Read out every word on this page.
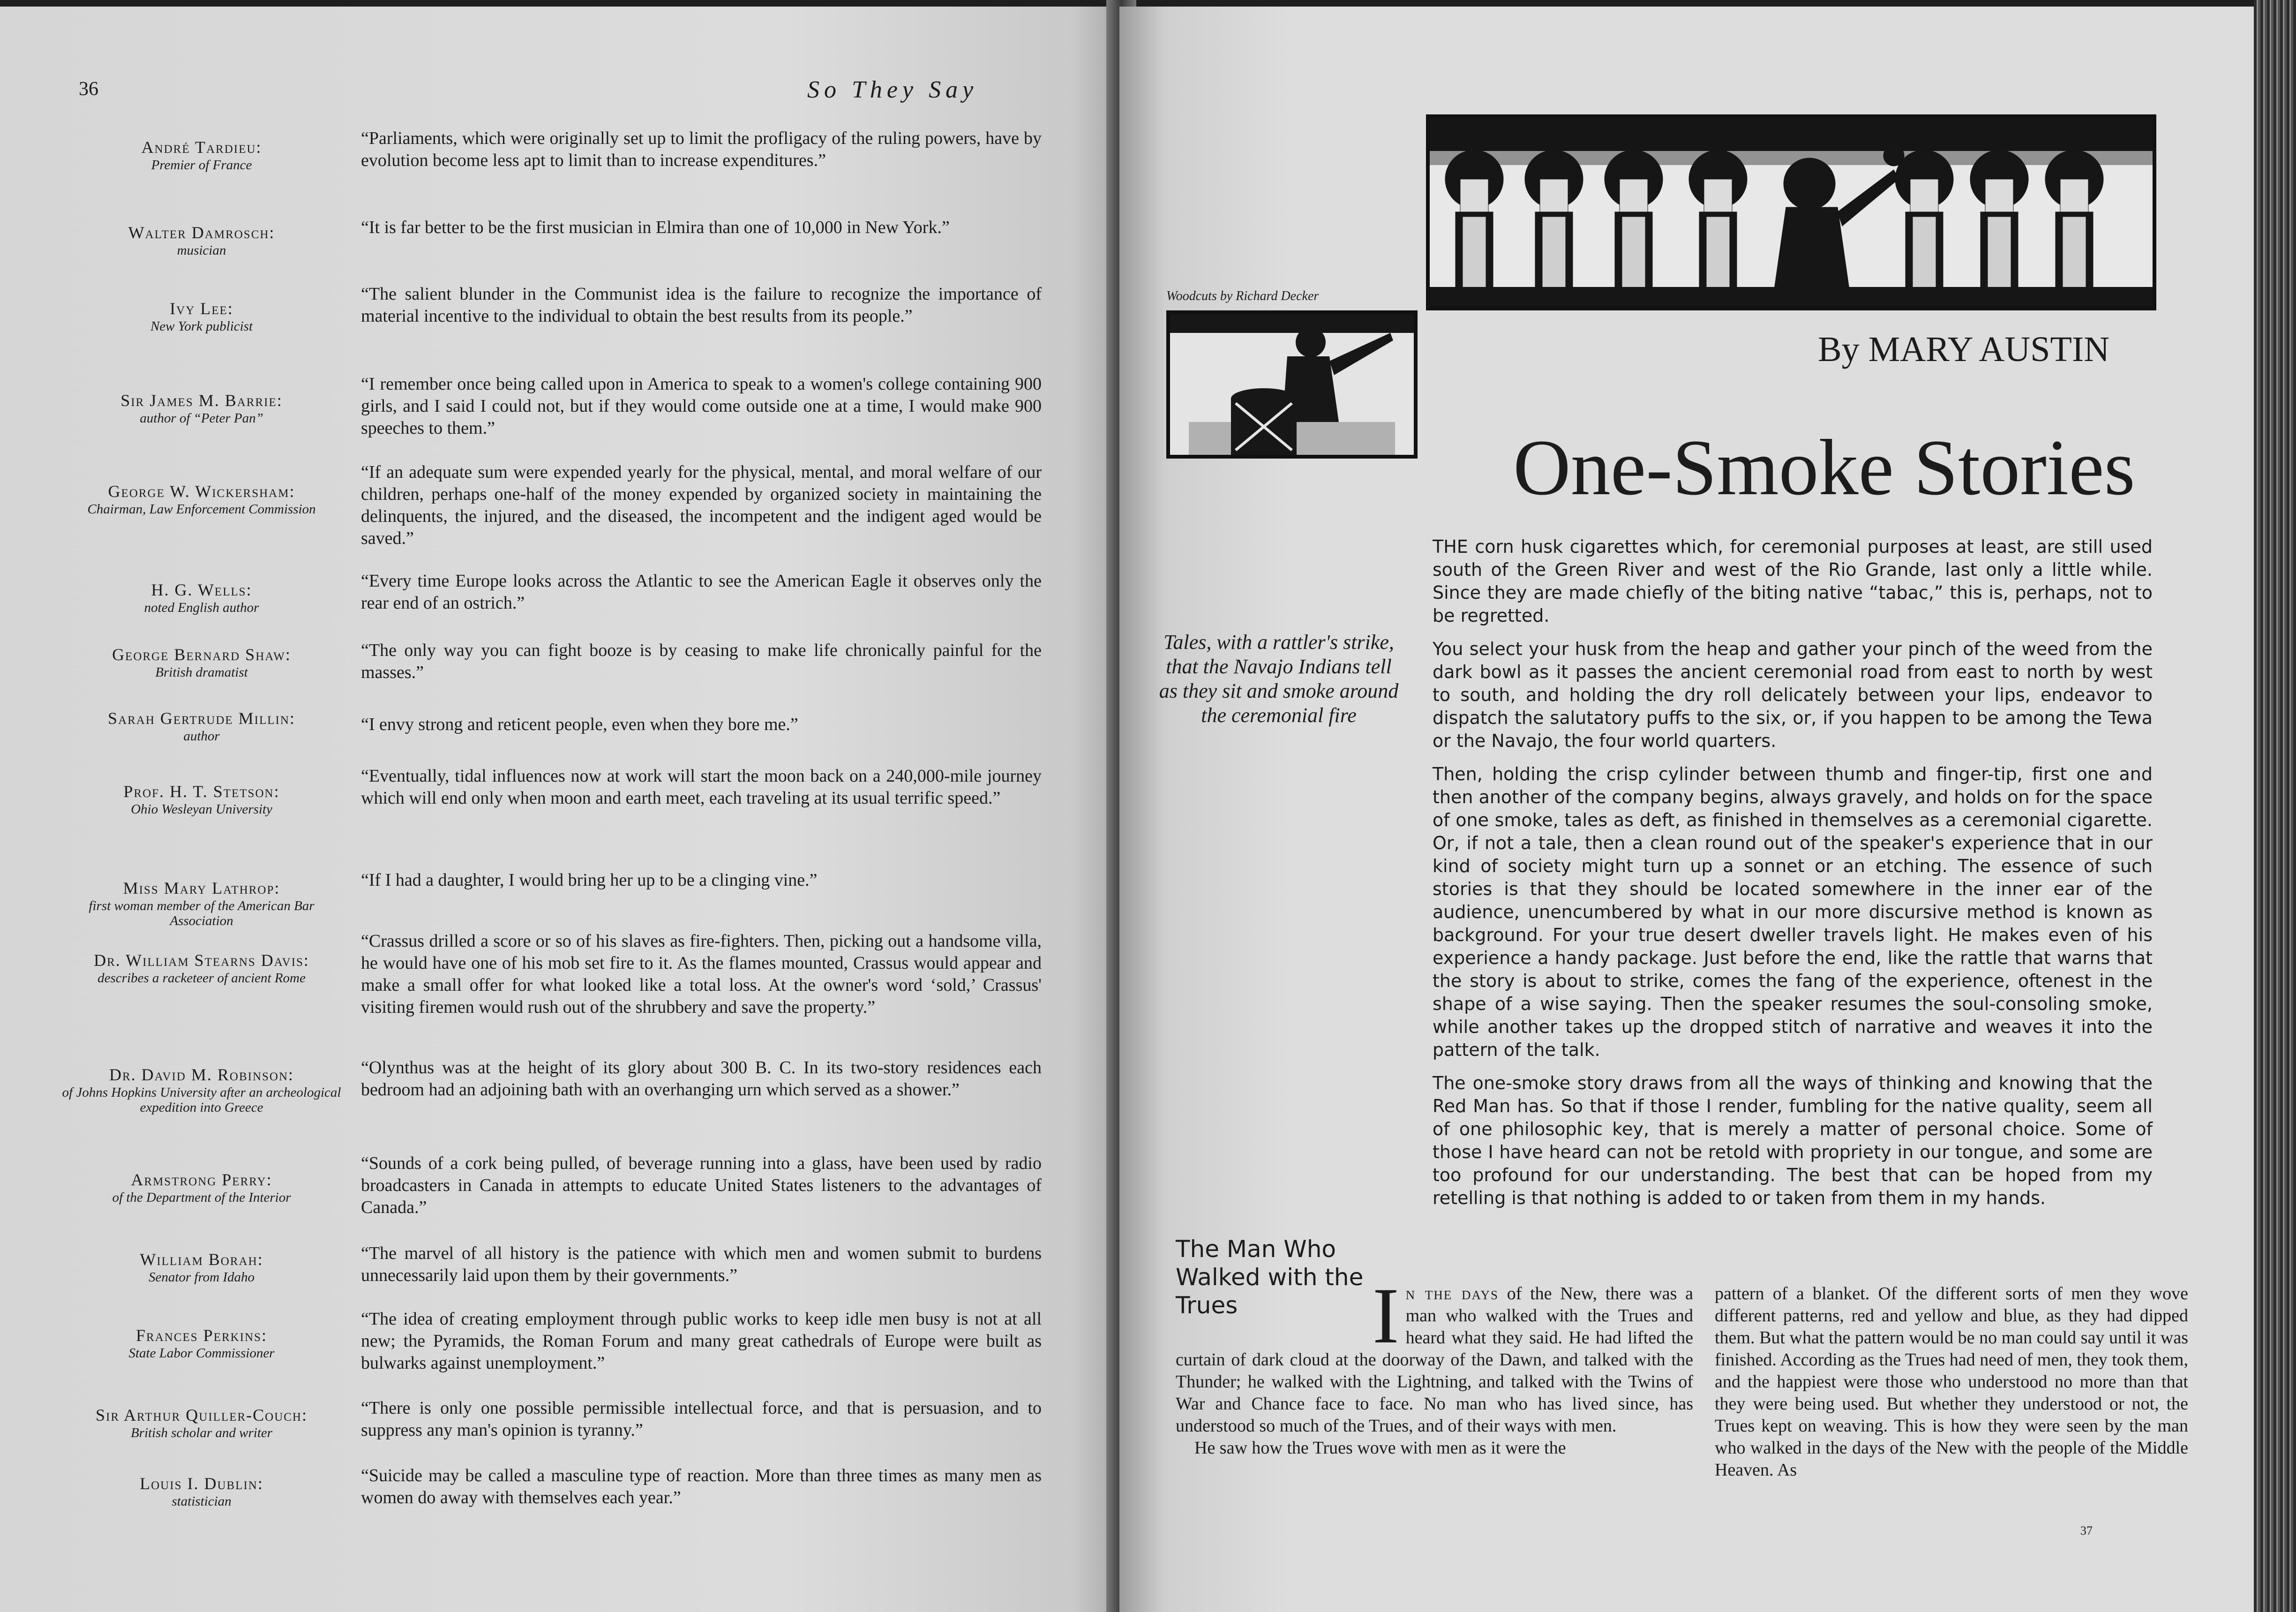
36	So They Say
André Tardieu:
Premier of France
“Parliaments, which were originally set up to limit the profligacy of the ruling powers, have by evolution become less apt to limit than to increase expenditures.”
Walter Damrosch:
musician
“It is far better to be the first musician in Elmira than one of 10,000 in New York.”
Ivy Lee:
New York publicist
“The salient blunder in the Communist idea is the failure to recognize the importance of material incentive to the individual to obtain the best results from its people.”
Sir James M. Barrie:
author of “Peter Pan”
“I remember once being called upon in America to speak to a women's college containing 900 girls, and I said I could not, but if they would come outside one at a time, I would make 900 speeches to them.”
George W. Wickersham:
Chairman, Law Enforcement Commission
“If an adequate sum were expended yearly for the physical, mental, and moral welfare of our children, perhaps one-half of the money expended by organized society in maintaining the delinquents, the injured, and the diseased, the incompetent and the indigent aged would be saved.”
H. G. Wells:
noted English author
“Every time Europe looks across the Atlantic to see the American Eagle it observes only the rear end of an ostrich.”
George Bernard Shaw:
British dramatist
“The only way you can fight booze is by ceasing to make life chronically painful for the masses.”
Sarah Gertrude Millin:
author
“I envy strong and reticent people, even when they bore me.”
Prof. H. T. Stetson:
Ohio Wesleyan University
“Eventually, tidal influences now at work will start the moon back on a 240,000-mile journey which will end only when moon and earth meet, each traveling at its usual terrific speed.”
Miss Mary Lathrop:
first woman member of the American Bar Association
“If I had a daughter, I would bring her up to be a clinging vine.”
Dr. William Stearns Davis:
describes a racketeer of ancient Rome
“Crassus drilled a score or so of his slaves as fire-fighters. Then, picking out a handsome villa, he would have one of his mob set fire to it. As the flames mounted, Crassus would appear and make a small offer for what looked like a total loss. At the owner's word ‘sold,’ Crassus' visiting firemen would rush out of the shrubbery and save the property.”
Dr. David M. Robinson:
of Johns Hopkins University after an archeological expedition into Greece
“Olynthus was at the height of its glory about 300 B. C. In its two-story residences each bedroom had an adjoining bath with an overhanging urn which served as a shower.”
Armstrong Perry:
of the Department of the Interior
“Sounds of a cork being pulled, of beverage running into a glass, have been used by radio broadcasters in Canada in attempts to educate United States listeners to the advantages of Canada.”
William Borah:
Senator from Idaho
“The marvel of all history is the patience with which men and women submit to burdens unnecessarily laid upon them by their governments.”
Frances Perkins:
State Labor Commissioner
“The idea of creating employment through public works to keep idle men busy is not at all new; the Pyramids, the Roman Forum and many great cathedrals of Europe were built as bulwarks against unemployment.”
Sir Arthur Quiller-Couch:
British scholar and writer
“There is only one possible permissible intellectual force, and that is persuasion, and to suppress any man's opinion is tyranny.”
Louis I. Dublin:
statistician
“Suicide may be called a masculine type of reaction. More than three times as many men as women do away with themselves each year.”
Woodcuts by Richard Decker
By MARY AUSTIN
One-Smoke Stories
Tales, with a rattler's strike, that the Navajo Indians tell as they sit and smoke around the ceremonial fire

THE corn husk cigarettes which, for ceremonial purposes at least, are still used south of the Green River and west of the Rio Grande, last only a little while. Since they are made chiefly of the biting native “tabac,” this is, perhaps, not to be regretted.

You select your husk from the heap and gather your pinch of the weed from the dark bowl as it passes the ancient ceremonial road from east to north by west to south, and holding the dry roll delicately between your lips, endeavor to dispatch the salutatory puffs to the six, or, if you happen to be among the Tewa or the Navajo, the four world quarters.

Then, holding the crisp cylinder between thumb and finger-tip, first one and then another of the company begins, always gravely, and holds on for the space of one smoke, tales as deft, as finished in themselves as a ceremonial cigarette. Or, if not a tale, then a clean round out of the speaker's experience that in our kind of society might turn up a sonnet or an etching. The essence of such stories is that they should be located somewhere in the inner ear of the audience, unencumbered by what in our more discursive method is known as background. For your true desert dweller travels light. He makes even of his experience a handy package. Just before the end, like the rattle that warns that the story is about to strike, comes the fang of the experience, oftenest in the shape of a wise saying. Then the speaker resumes the soul-consoling smoke, while another takes up the dropped stitch of narrative and weaves it into the pattern of the talk.

The one-smoke story draws from all the ways of thinking and knowing that the Red Man has. So that if those I render, fumbling for the native quality, seem all of one philosophic key, that is merely a matter of personal choice. Some of those I have heard can not be retold with propriety in our tongue, and some are too profound for our understanding. The best that can be hoped from my retelling is that nothing is added to or taken from them in my hands.

The Man Who
Walked with the Trues	In the days of the New, there was a man who walked with the Trues and heard what they said. He had lifted the curtain of dark cloud at the doorway of the Dawn, and talked with the Thunder; he walked with the Lightning, and talked with the Twins of War and Chance face to face. No man who has lived since, has understood so much of the Trues, and of their ways with men.
He saw how the Trues wove with men as it were the
pattern of a blanket. Of the different sorts of men they wove different patterns, red and yellow and blue, as they had dipped them. But what the pattern would be no man could say until it was finished. According as the Trues had need of men, they took them, and the happiest were those who understood no more than that they were being used. But whether they understood or not, the Trues kept on weaving. This is how they were seen by the man who walked in the days of the New with the people of the Middle Heaven. As
37
